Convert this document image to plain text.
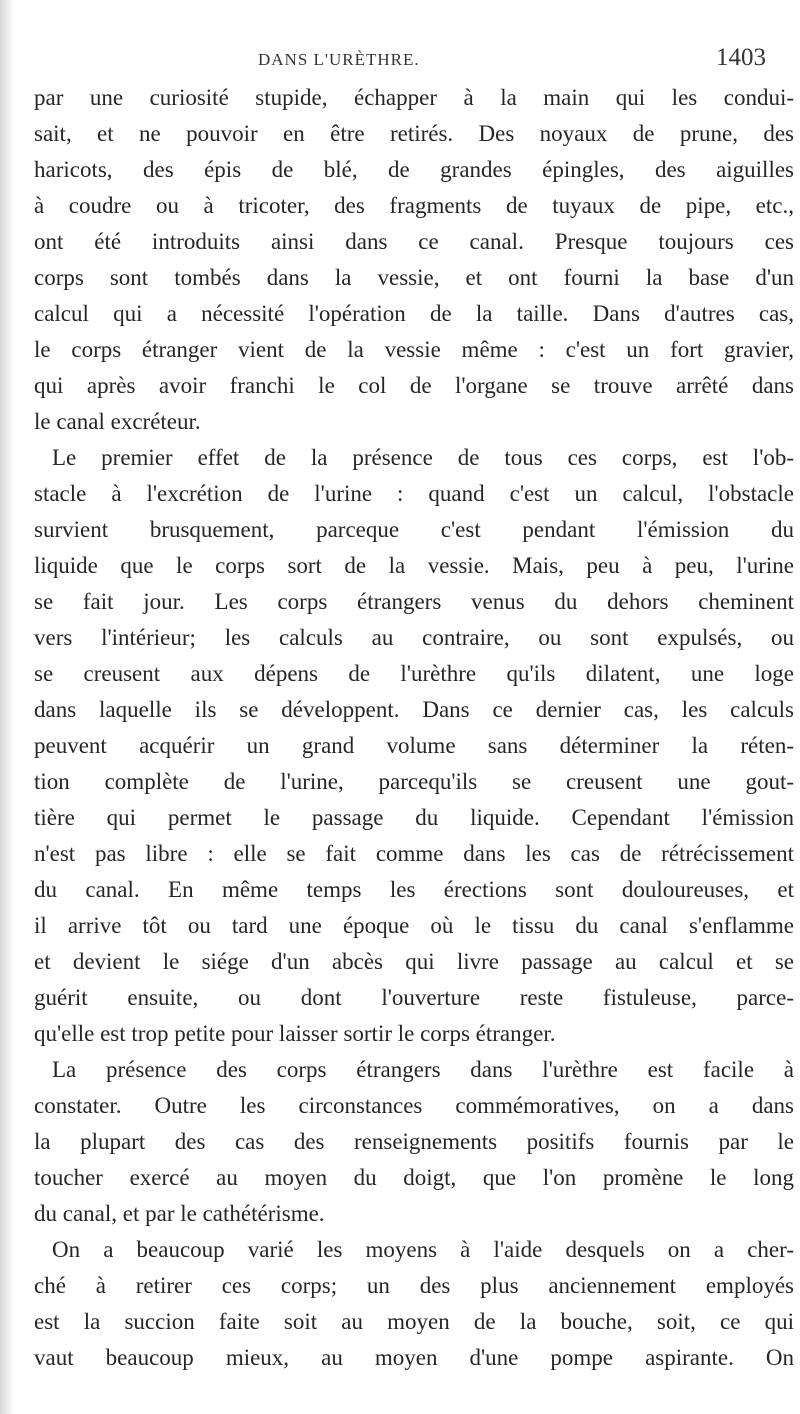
DANS L'URÈTHRE.	1403
par une curiosité stupide, échapper à la main qui les condui-
sait, et ne pouvoir en être retirés. Des noyaux de prune, des
haricots, des épis de blé, de grandes épingles, des aiguilles
à coudre ou à tricoter, des fragments de tuyaux de pipe, etc.,
ont été introduits ainsi dans ce canal. Presque toujours ces
corps sont tombés dans la vessie, et ont fourni la base d'un
calcul qui a nécessité l'opération de la taille. Dans d'autres cas,
le corps étranger vient de la vessie même : c'est un fort gravier,
qui après avoir franchi le col de l'organe se trouve arrêté dans
le canal excréteur.
Le premier effet de la présence de tous ces corps, est l'ob-
stacle à l'excrétion de l'urine : quand c'est un calcul, l'obstacle
survient brusquement, parceque c'est pendant l'émission du
liquide que le corps sort de la vessie. Mais, peu à peu, l'urine
se fait jour. Les corps étrangers venus du dehors cheminent
vers l'intérieur; les calculs au contraire, ou sont expulsés, ou
se creusent aux dépens de l'urèthre qu'ils dilatent, une loge
dans laquelle ils se développent. Dans ce dernier cas, les calculs
peuvent acquérir un grand volume sans déterminer la réten-
tion complète de l'urine, parcequ'ils se creusent une gout-
tière qui permet le passage du liquide. Cependant l'émission
n'est pas libre : elle se fait comme dans les cas de rétrécissement
du canal. En même temps les érections sont douloureuses, et
il arrive tôt ou tard une époque où le tissu du canal s'enflamme
et devient le siége d'un abcès qui livre passage au calcul et se
guérit ensuite, ou dont l'ouverture reste fistuleuse, parce-
qu'elle est trop petite pour laisser sortir le corps étranger.
La présence des corps étrangers dans l'urèthre est facile à
constater. Outre les circonstances commémoratives, on a dans
la plupart des cas des renseignements positifs fournis par le
toucher exercé au moyen du doigt, que l'on promène le long
du canal, et par le cathétérisme.
On a beaucoup varié les moyens à l'aide desquels on a cher-
ché à retirer ces corps; un des plus anciennement employés
est la succion faite soit au moyen de la bouche, soit, ce qui
vaut beaucoup mieux, au moyen d'une pompe aspirante. On
